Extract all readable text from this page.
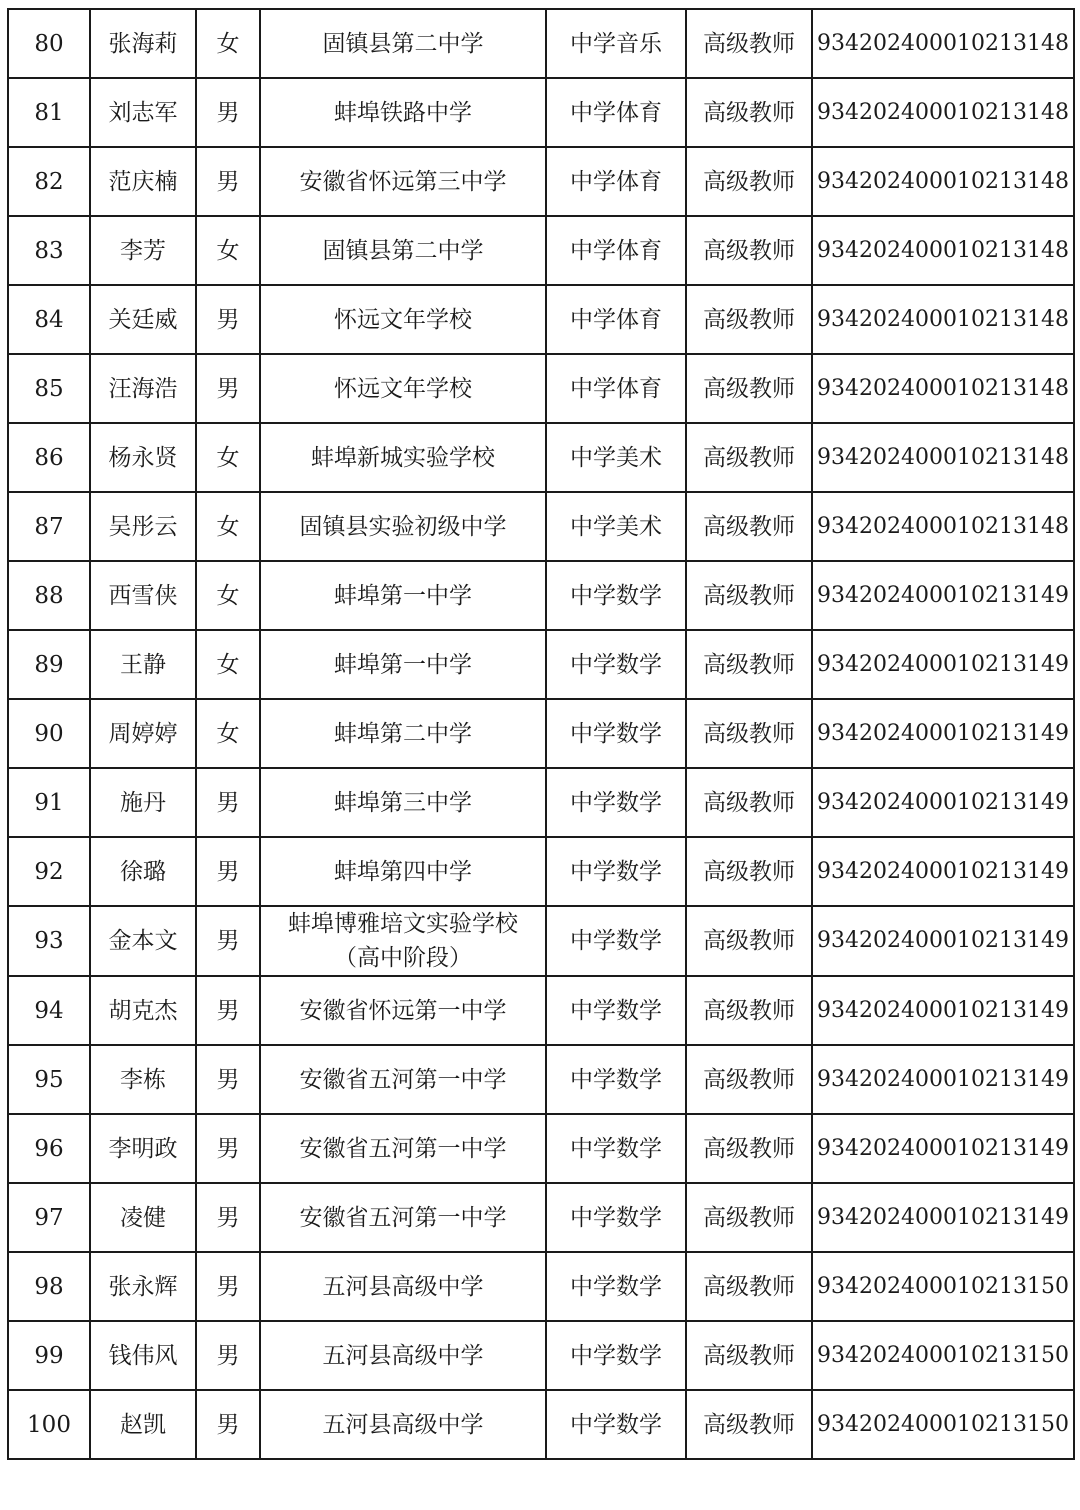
80	张海莉	女	固镇县第二中学	中学音乐	高级教师	934202400010213148
81	刘志军	男	蚌埠铁路中学	中学体育	高级教师	934202400010213148
82	范庆楠	男	安徽省怀远第三中学	中学体育	高级教师	934202400010213148
83	李芳	女	固镇县第二中学	中学体育	高级教师	934202400010213148
84	关廷威	男	怀远文年学校	中学体育	高级教师	934202400010213148
85	汪海浩	男	怀远文年学校	中学体育	高级教师	934202400010213148
86	杨永贤	女	蚌埠新城实验学校	中学美术	高级教师	934202400010213148
87	吴彤云	女	固镇县实验初级中学	中学美术	高级教师	934202400010213148
88	西雪侠	女	蚌埠第一中学	中学数学	高级教师	934202400010213149
89	王静	女	蚌埠第一中学	中学数学	高级教师	934202400010213149
90	周婷婷	女	蚌埠第二中学	中学数学	高级教师	934202400010213149
91	施丹	男	蚌埠第三中学	中学数学	高级教师	934202400010213149
92	徐璐	男	蚌埠第四中学	中学数学	高级教师	934202400010213149
93	金本文	男	蚌埠博雅培文实验学校
（高中阶段）	中学数学	高级教师	934202400010213149
94	胡克杰	男	安徽省怀远第一中学	中学数学	高级教师	934202400010213149
95	李栋	男	安徽省五河第一中学	中学数学	高级教师	934202400010213149
96	李明政	男	安徽省五河第一中学	中学数学	高级教师	934202400010213149
97	凌健	男	安徽省五河第一中学	中学数学	高级教师	934202400010213149
98	张永辉	男	五河县高级中学	中学数学	高级教师	934202400010213150
99	钱伟风	男	五河县高级中学	中学数学	高级教师	934202400010213150
100	赵凯	男	五河县高级中学	中学数学	高级教师	934202400010213150
